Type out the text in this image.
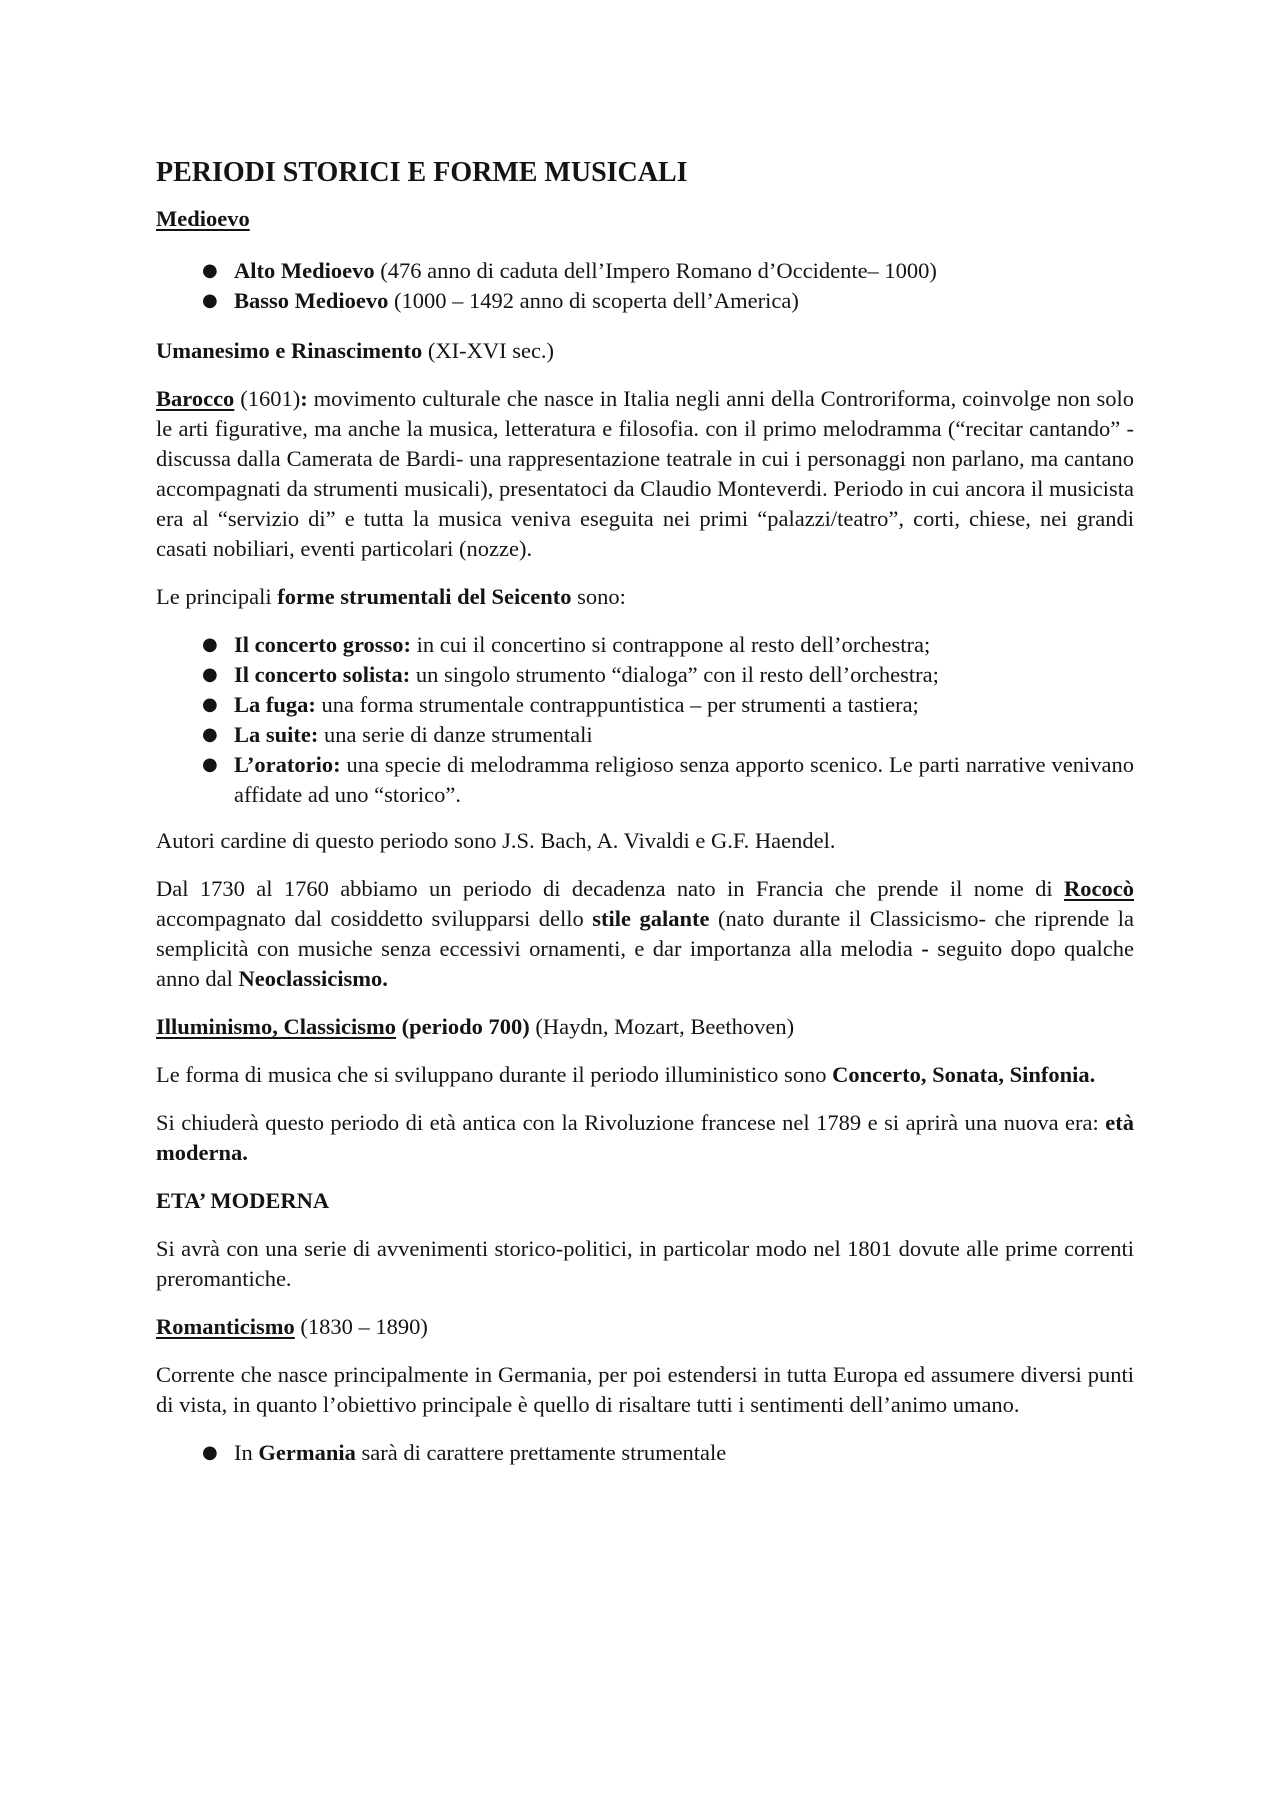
PERIODI STORICI E FORME MUSICALI

Medioevo

● Alto Medioevo (476 anno di caduta dell’Impero Romano d’Occidente– 1000)
● Basso Medioevo (1000 – 1492 anno di scoperta dell’America)

Umanesimo e Rinascimento (XI-XVI sec.)

Barocco (1601): movimento culturale che nasce in Italia negli anni della Controriforma, coinvolge non solo le arti figurative, ma anche la musica, letteratura e filosofia. con il primo melodramma (“recitar cantando” - discussa dalla Camerata de Bardi- una rappresentazione teatrale in cui i personaggi non parlano, ma cantano accompagnati da strumenti musicali), presentatoci da Claudio Monteverdi. Periodo in cui ancora il musicista era al “servizio di” e tutta la musica veniva eseguita nei primi “palazzi/teatro”, corti, chiese, nei grandi casati nobiliari, eventi particolari (nozze).

Le principali forme strumentali del Seicento sono:

● Il concerto grosso: in cui il concertino si contrappone al resto dell’orchestra;
● Il concerto solista: un singolo strumento “dialoga” con il resto dell’orchestra;
● La fuga: una forma strumentale contrappuntistica – per strumenti a tastiera;
● La suite: una serie di danze strumentali
● L’oratorio: una specie di melodramma religioso senza apporto scenico. Le parti narrative venivano affidate ad uno “storico”.

Autori cardine di questo periodo sono J.S. Bach, A. Vivaldi e G.F. Haendel.

Dal 1730 al 1760 abbiamo un periodo di decadenza nato in Francia che prende il nome di Rococò accompagnato dal cosiddetto svilupparsi dello stile galante (nato durante il Classicismo- che riprende la semplicità con musiche senza eccessivi ornamenti, e dar importanza alla melodia - seguito dopo qualche anno dal Neoclassicismo.

Illuminismo, Classicismo (periodo 700) (Haydn, Mozart, Beethoven)

Le forma di musica che si sviluppano durante il periodo illuministico sono Concerto, Sonata, Sinfonia.

Si chiuderà questo periodo di età antica con la Rivoluzione francese nel 1789 e si aprirà una nuova era: età moderna.

ETA’ MODERNA

Si avrà con una serie di avvenimenti storico-politici, in particolar modo nel 1801 dovute alle prime correnti preromantiche.

Romanticismo (1830 – 1890)

Corrente che nasce principalmente in Germania, per poi estendersi in tutta Europa ed assumere diversi punti di vista, in quanto l’obiettivo principale è quello di risaltare tutti i sentimenti dell’animo umano.

● In Germania sarà di carattere prettamente strumentale
